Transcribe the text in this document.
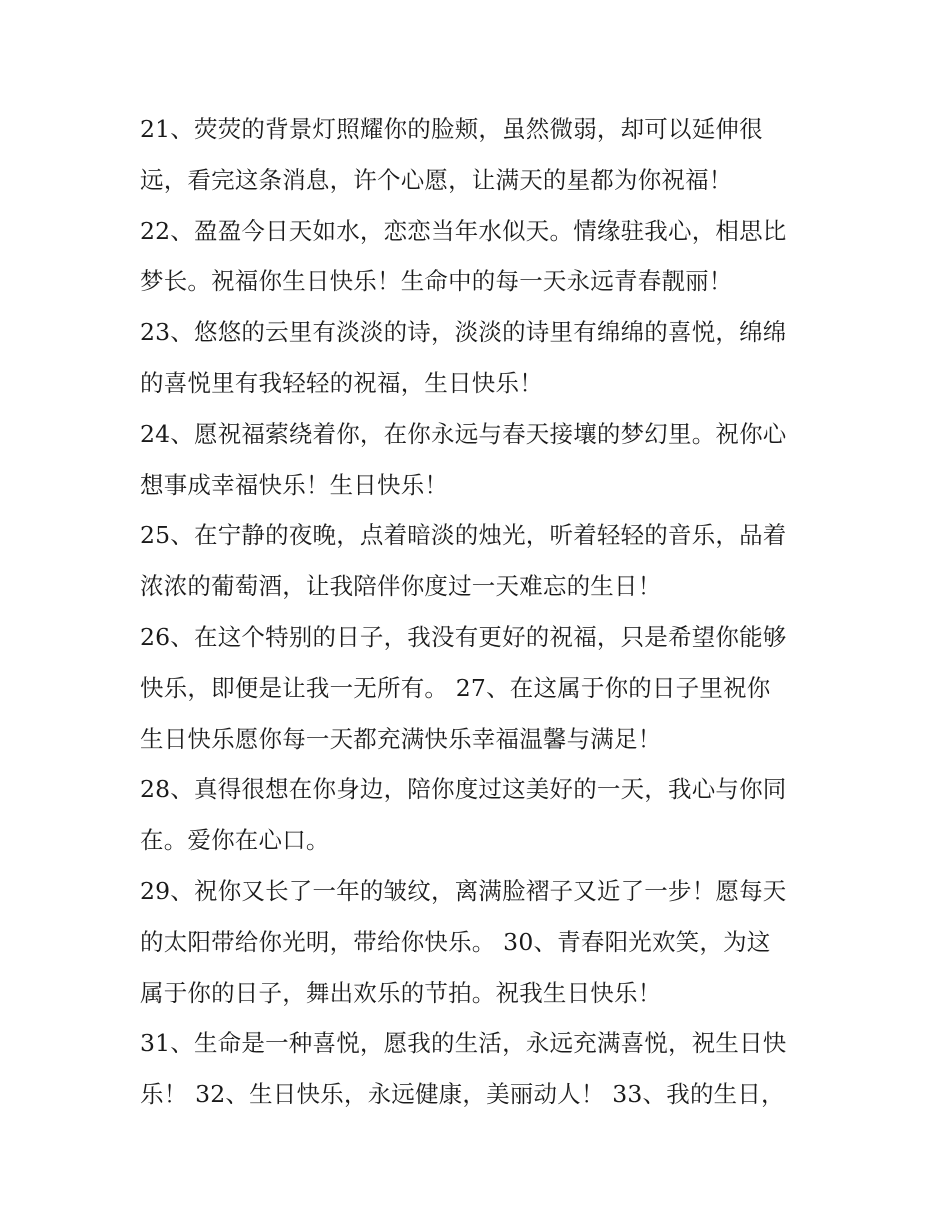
21、荧荧的背景灯照耀你的脸颊，虽然微弱，却可以延伸很
远，看完这条消息，许个心愿，让满天的星都为你祝福！
22、盈盈今日天如水，恋恋当年水似天。情缘驻我心，相思比
梦长。祝福你生日快乐！生命中的每一天永远青春靓丽！
23、悠悠的云里有淡淡的诗，淡淡的诗里有绵绵的喜悦，绵绵
的喜悦里有我轻轻的祝福，生日快乐！
24、愿祝福萦绕着你，在你永远与春天接壤的梦幻里。祝你心
想事成幸福快乐！生日快乐！
25、在宁静的夜晚，点着暗淡的烛光，听着轻轻的音乐，品着
浓浓的葡萄酒，让我陪伴你度过一天难忘的生日！
26、在这个特别的日子，我没有更好的祝福，只是希望你能够
快乐，即便是让我一无所有。 27、在这属于你的日子里祝你
生日快乐愿你每一天都充满快乐幸福温馨与满足！
28、真得很想在你身边，陪你度过这美好的一天，我心与你同
在。爱你在心口。
29、祝你又长了一年的皱纹，离满脸褶子又近了一步！愿每天
的太阳带给你光明，带给你快乐。 30、青春阳光欢笑，为这
属于你的日子，舞出欢乐的节拍。祝我生日快乐！
31、生命是一种喜悦，愿我的生活，永远充满喜悦，祝生日快
乐！ 32、生日快乐，永远健康，美丽动人！ 33、我的生日，
